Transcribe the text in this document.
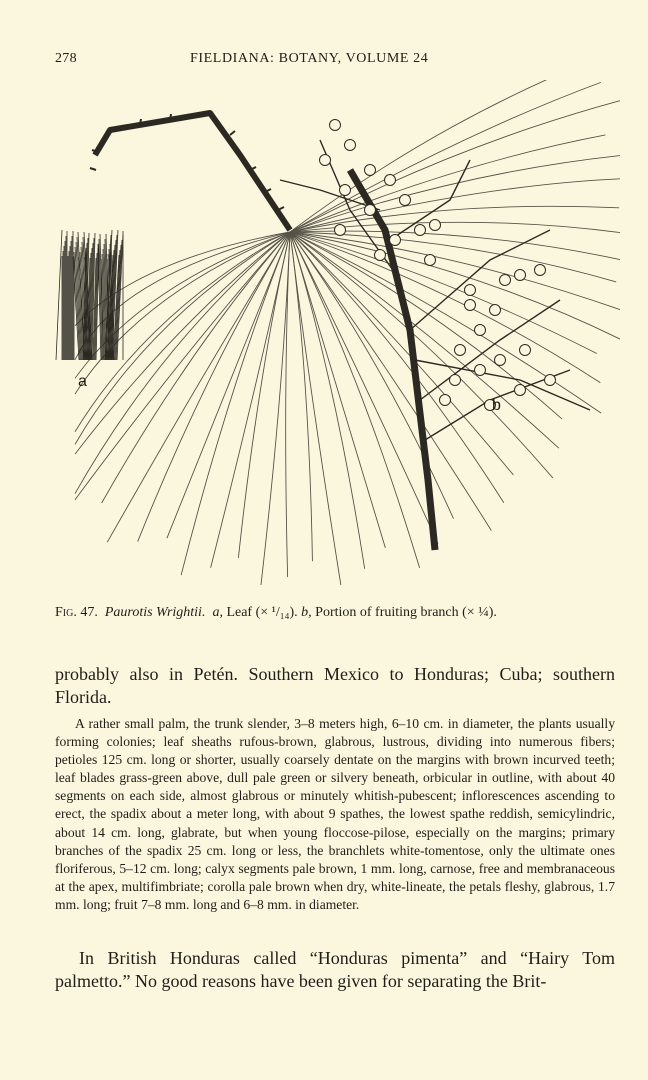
278	FIELDIANA: BOTANY, VOLUME 24
a
b
Fig. 47. Paurotis Wrightii. a, Leaf (× ¹/₁₄). b, Portion of fruiting branch (× ¼).

probably also in Petén. Southern Mexico to Honduras; Cuba; southern Florida.

A rather small palm, the trunk slender, 3–8 meters high, 6–10 cm. in diameter, the plants usually forming colonies; leaf sheaths rufous-brown, glabrous, lustrous, dividing into numerous fibers; petioles 125 cm. long or shorter, usually coarsely dentate on the margins with brown incurved teeth; leaf blades grass-green above, dull pale green or silvery beneath, orbicular in outline, with about 40 segments on each side, almost glabrous or minutely whitish-pubescent; inflorescences ascending to erect, the spadix about a meter long, with about 9 spathes, the lowest spathe reddish, semicylindric, about 14 cm. long, glabrate, but when young floccose-pilose, especially on the margins; primary branches of the spadix 25 cm. long or less, the branchlets white-tomentose, only the ultimate ones floriferous, 5–12 cm. long; calyx segments pale brown, 1 mm. long, carnose, free and membranaceous at the apex, multifimbriate; corolla pale brown when dry, white-lineate, the petals fleshy, glabrous, 1.7 mm. long; fruit 7–8 mm. long and 6–8 mm. in diameter.

In British Honduras called “Honduras pimenta” and “Hairy Tom palmetto.” No good reasons have been given for separating the Brit-
